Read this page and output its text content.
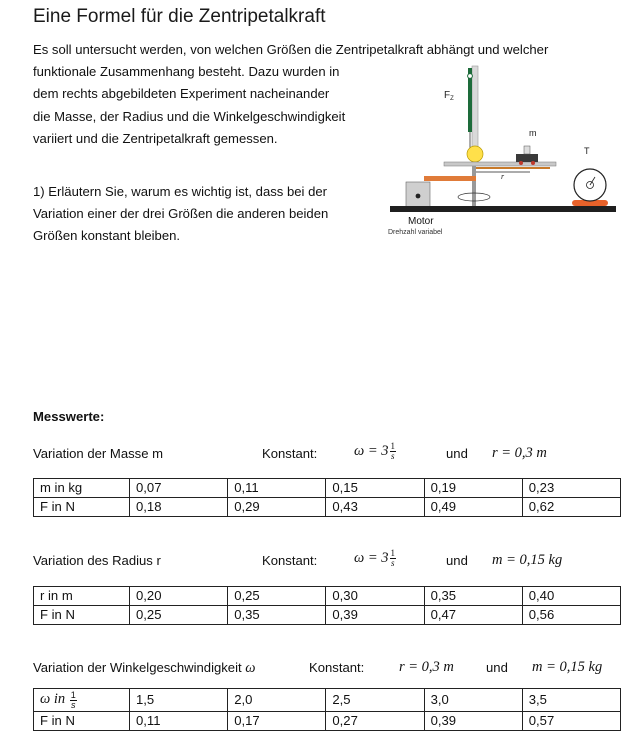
Eine Formel für die Zentripetalkraft
Es soll untersucht werden, von welchen Größen die Zentripetalkraft abhängt und welcher
funktionale Zusammenhang besteht. Dazu wurden in
dem rechts abgebildeten Experiment nacheinander
die Masse, der Radius und die Winkelgeschwindigkeit
variiert und die Zentripetalkraft gemessen.
1) Erläutern Sie, warum es wichtig ist, dass bei der
Variation einer der drei Größen die anderen beiden
Größen konstant bleiben.
$F_Z$
r
m
Motor
Drehzahl variabel
T
Messwerte:
Variation der Masse m	Konstant:	$\omega = 3 \frac{1}{s}$	und r = 0,3 m
m in kg	0,07	0,11	0,15	0,19	0,23
F in N	0,18	0,29	0,43	0,49	0,62
Variation des Radius r	Konstant:	$\omega = 3 \frac{1}{s}$	und m = 0,15 kg
r in m	0,20	0,25	0,30	0,35	0,40
F in N	0,25	0,35	0,39	0,47	0,56
Variation der Winkelgeschwindigkeit ω	Konstant: r = 0,3 m und m = 0,15 kg
ω in $\frac{1}{s}$	1,5	2,0	2,5	3,0	3,5
F in N	0,11	0,17	0,27	0,39	0,57
